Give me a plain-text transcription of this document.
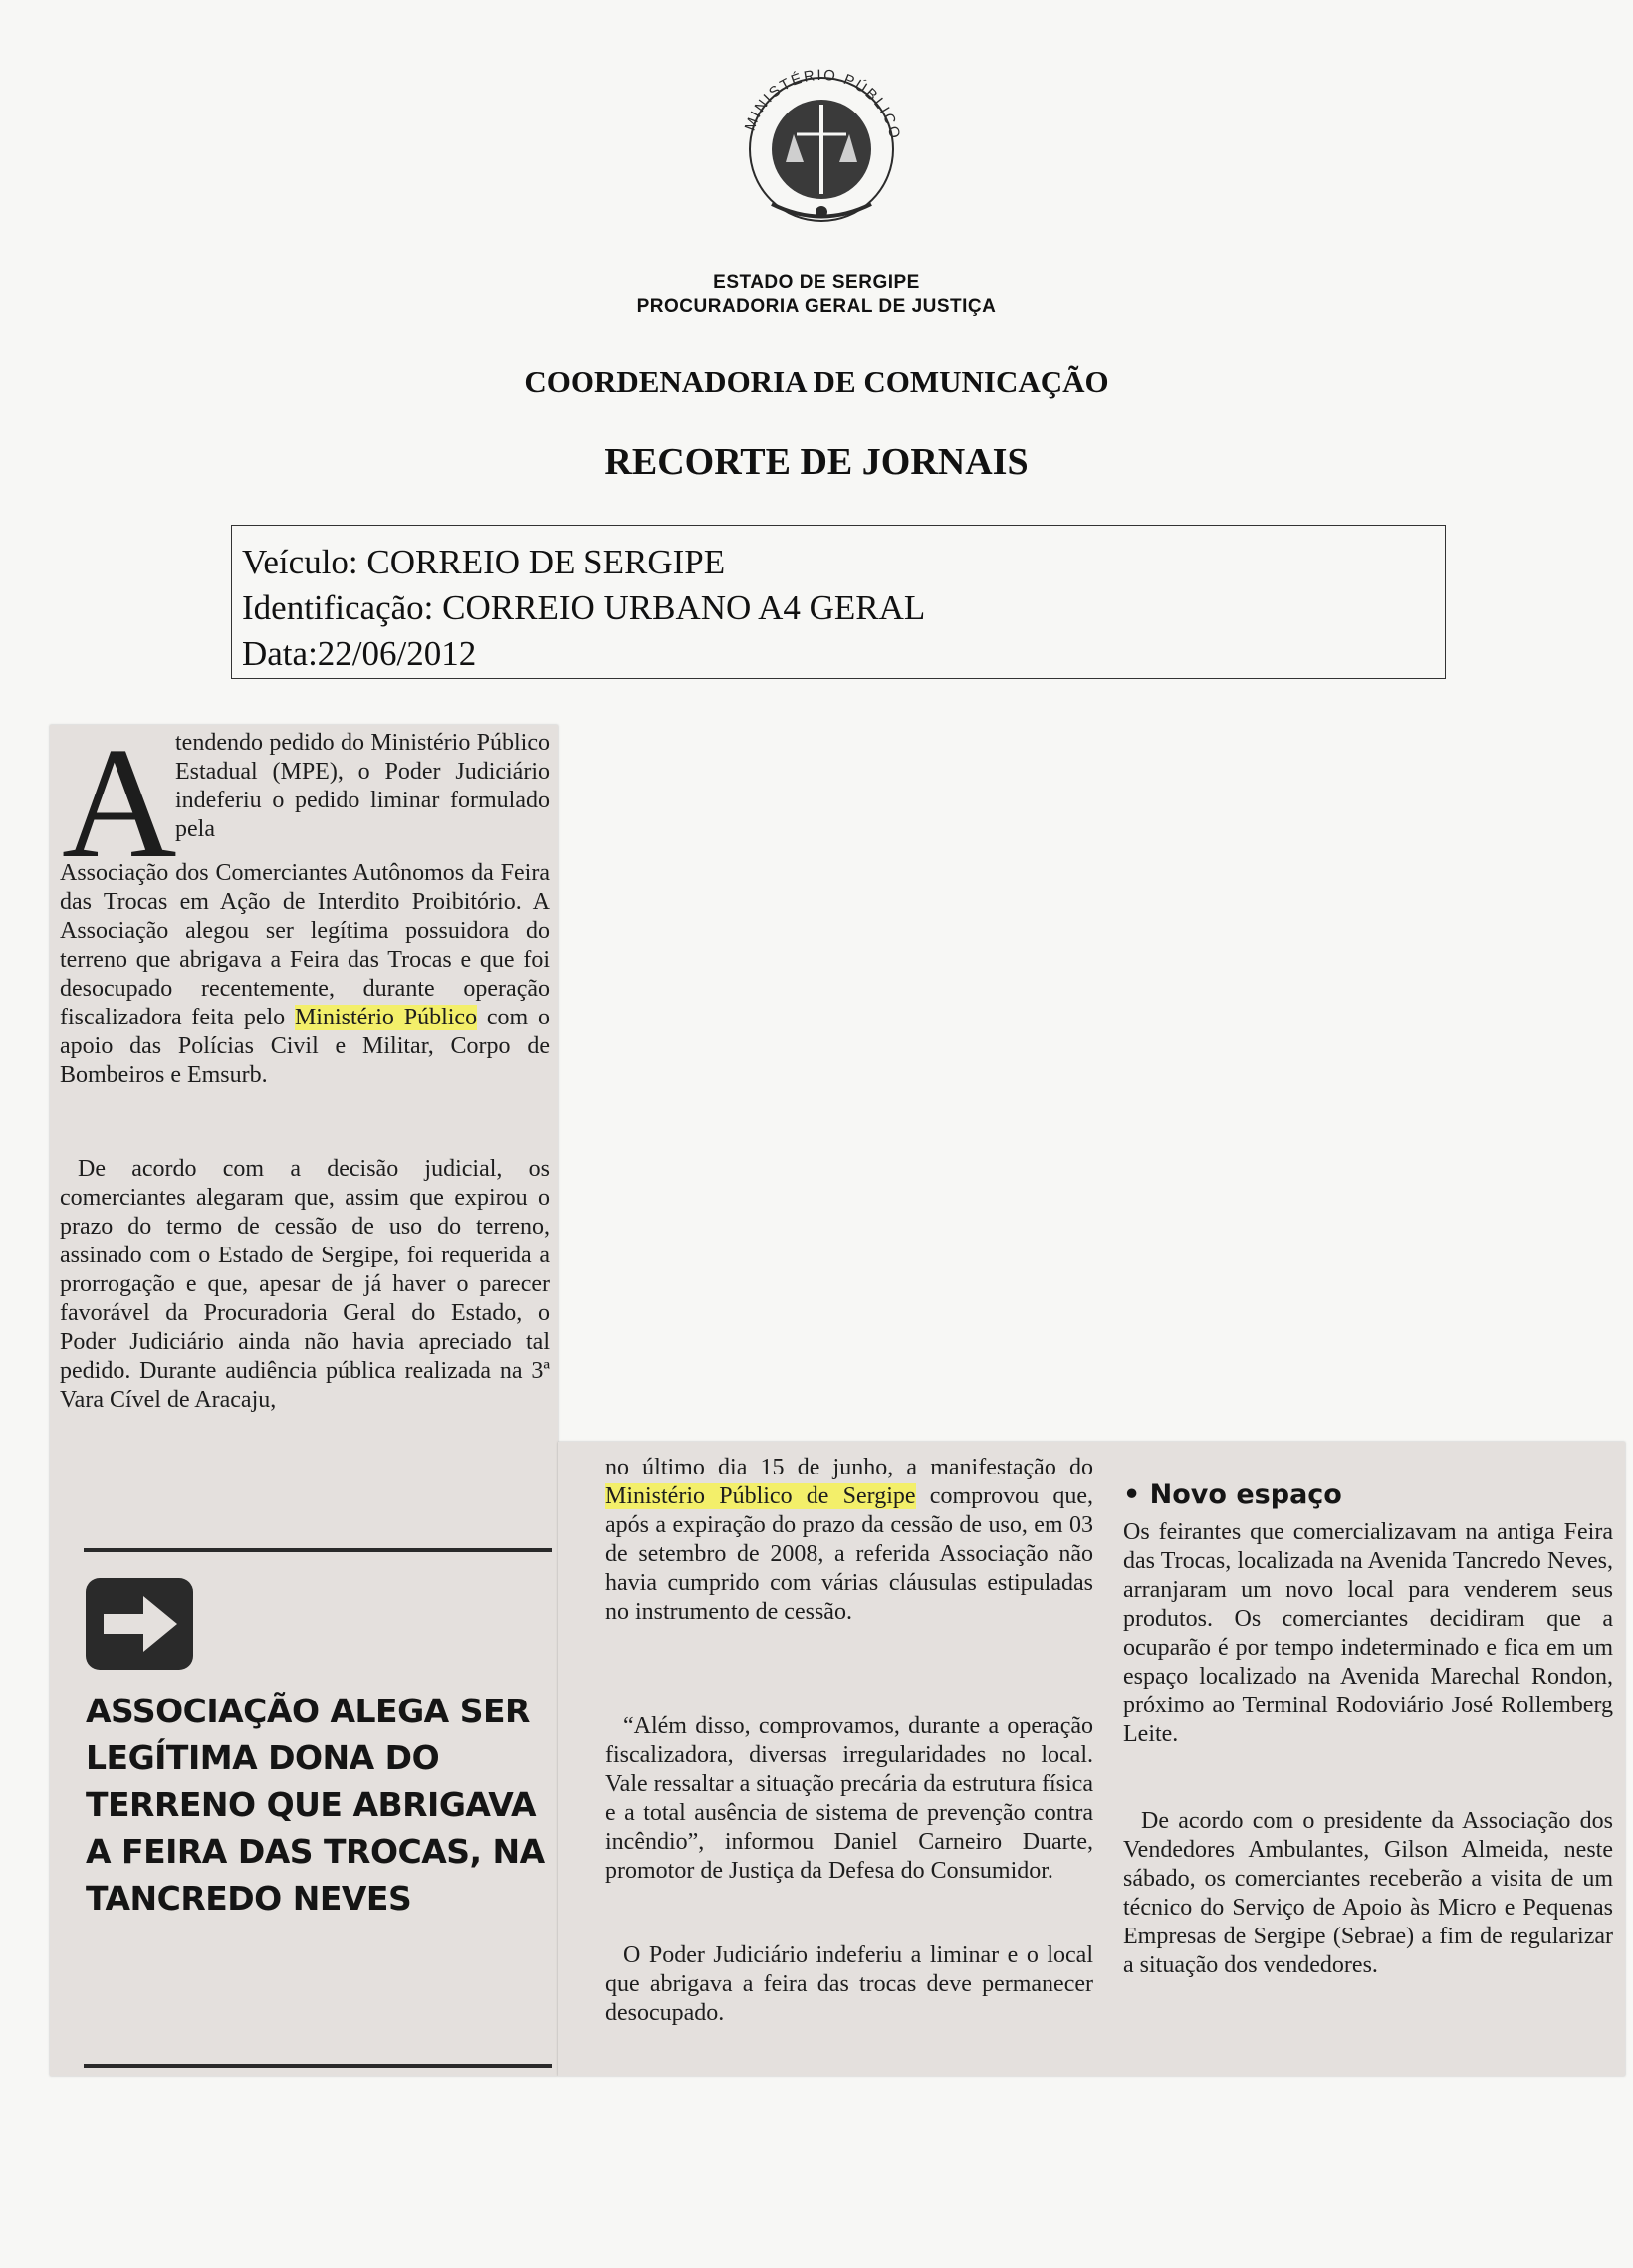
MINISTÉRIO PÚBLICO
ESTADO DE SERGIPE
PROCURADORIA GERAL DE JUSTIÇA
COORDENADORIA DE COMUNICAÇÃO
RECORTE DE JORNAIS
Veículo: CORREIO DE SERGIPE
Identificação: CORREIO URBANO A4 GERAL
Data:22/06/2012

A

tendendo pedido do Ministério Público Estadual (MPE), o Poder Judiciário indeferiu o pedido liminar formulado pela

Associação dos Comerciantes Autônomos da Feira das Trocas em Ação de Interdito Proibitório. A Associação alegou ser legítima possuidora do terreno que abrigava a Feira das Trocas e que foi desocupado recentemente, durante operação fiscalizadora feita pelo Ministério Público com o apoio das Polícias Civil e Militar, Corpo de Bombeiros e Emsurb.

De acordo com a decisão judicial, os comerciantes alegaram que, assim que expirou o prazo do termo de cessão de uso do terreno, assinado com o Estado de Sergipe, foi requerida a prorrogação e que, apesar de já haver o parecer favorável da Procuradoria Geral do Estado, o Poder Judiciário ainda não havia apreciado tal pedido. Durante audiência pública realizada na 3ª Vara Cível de Aracaju,

ASSOCIAÇÃO ALEGA SER LEGÍTIMA DONA DO TERRENO QUE ABRIGAVA A FEIRA DAS TROCAS, NA TANCREDO NEVES

no último dia 15 de junho, a manifestação do Ministério Público de Sergipe comprovou que, após a expiração do prazo da cessão de uso, em 03 de setembro de 2008, a referida Associação não havia cumprido com várias cláusulas estipuladas no instrumento de cessão.

“Além disso, comprovamos, durante a operação fiscalizadora, diversas irregularidades no local. Vale ressaltar a situação precária da estrutura física e a total ausência de sistema de prevenção contra incêndio”, informou Daniel Carneiro Duarte, promotor de Justiça da Defesa do Consumidor.

O Poder Judiciário indeferiu a liminar e o local que abrigava a feira das trocas deve permanecer desocupado.

• Novo espaço

Os feirantes que comercializavam na antiga Feira das Trocas, localizada na Avenida Tancredo Neves, arranjaram um novo local para venderem seus produtos. Os comerciantes decidiram que a ocuparão é por tempo indeterminado e fica em um espaço localizado na Avenida Marechal Rondon, próximo ao Terminal Rodoviário José Rollemberg Leite.

De acordo com o presidente da Associação dos Vendedores Ambulantes, Gilson Almeida, neste sábado, os comerciantes receberão a visita de um técnico do Serviço de Apoio às Micro e Pequenas Empresas de Sergipe (Sebrae) a fim de regularizar a situação dos vendedores.
